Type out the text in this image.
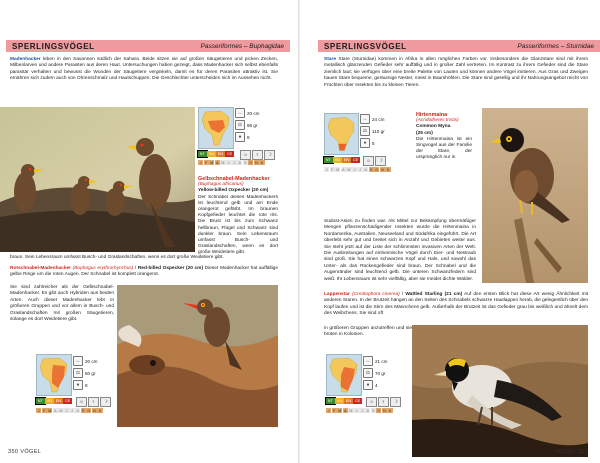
SPERLINGSVÖGEL	Passeriformes – Buphagidae
Madenhacker leben in den Savannen südlich der Sahara. Beide sitzen sie auf großen Säugetieren und picken Zecken, Milbenlarven und andere Parasiten aus deren Haut. Untersuchungen haben gezeigt, dass Madenhacker sich selbst ebenfalls parasitär verhalten und bewusst die Wunden der Säugetiere verginkeln, damit es für deren Parasiten attraktiv ist. Sie ernähren sich zudem auch von Ohrenschmalz und Hautschuppen. Die Geschlechter unterscheiden sich im Aussehen nicht.
↔ 20 cm
⚖	65 gr
●	8
NT	VU	EN	CE	☼	♀	☽
J F M A M J	J A S O N D
Gelbschnabel-Madenhacker
(Buphagus africanus)
Yellow-billed Oxpecker (20 cm)
Der Schnabel dieses Madenhackers ist leuchtend gelb und am Ende orangerot gefärbt. Im braunen Kopfgefieder leuchtet die rote Iris. Die Brust ist bis zum Schwanz hellbraun, Flügel und Schwanz sind dunkler braun. Sein Lebensraum umfasst Busch- und Graslandschaften, wenn es dort große Weidetiere gibt.
braun. Sein Lebensraum umfasst Busch- und Graslandschaften, wenn es dort große Weidetiere gibt.
Rotschnabel-Madenhacker (Buphagus erythrorhynchus) / Red-billed Oxpecker (20 cm) Dieser Madenhacker hat auffällige gelbe Ringe um die roten Augen. Der Schnabel ist komplett orangerot.
Sie sind zahlreicher als der Gelbschnabel-Madenhacker. Es gibt auch Hybriden aus beiden Arten. Auch dieser Madenhacker lebt in größeren Gruppen und vor allem in Busch- und Graslandschaften mit großen Säugetieren, solange es dort Weidetiere gibt.
↔ 20 cm
⚖	60 gr
●	8
NT	VU	EN	CE	☼	♀	☽
J F M A M J	J A S O N D
350 VÖGEL
SPERLINGSVÖGEL	Passeriformes – Sturnidae
Stare Stare (Sturnidae) kommen in Afrika in allen möglichen Farben vor. Insbesondere die Glanzstare sind mit ihrem metallisch glänzenden Gefieder sehr auffällig und in großer Zahl vertreten. Im Kontrast zu ihrem Gefieder sind die Stare ziemlich laut; sie verfügen über eine breite Palette von Lauten und können andere Vögel imitieren. Aus Gras und Zweigen bauen Stare bequeme, geräumige Nester, meist in Baumhöhlen. Die Stare sind gesellig und ihr Nahrungsangebot reicht von Früchten über Insekten bis zu kleinen Tieren.
↔ 24 cm
⚖	110 gr
●	5
NT	VU	EN	CE	☼	☽
J F M A M J	J A S O N D
Hirtenmaina
(Acridotheres tristis)
Common Myna
(25 cm)
Die Hirtenmaina ist ein Singvogel aus der Familie der Stare, der ursprünglich nur in
Südost-Asien zu finden war. Als Mittel zur Bekämpfung übermäßiger Mengen pflanzenschädigender Insekten wurde die Hirtenmaina in Nordamerika, Australien, Neuseeland und Südafrika eingeführt. Die Art überlebt sehr gut und breitet sich in Anzahl und Gebieten weiter aus. Sie steht jetzt auf der Liste der schlimmsten invasiven Arten der Welt. Die Ausbreitungen auf einheimische Vögel durch Eier- und Nestraub sind groß. Sie hat einen schwarzen Kopf und Hals, und sowohl das Unter- als das Rückengefieder sind braun. Der Schnabel und die Augenränder sind leuchtend gelb. Die unteren Schwanzfedern sind weiß. Ihr Lebensraum ist sehr vielfältig, aber sie meidet dichte Wälder.
Lappenstar (Creatophora cinerea) / Wattled Starling (21 cm) Auf den ersten Blick hat diese Art wenig Ähnlichkeit mit anderen Staren. In der Brutzeit hängen an den Seiten des Schnabels schwarze Hautlappen herab, die gelegentlich über den Kopf laufen und ist die Stirn des Männchens gelb. Außerhalb der Brutzeit ist das Gefieder grau bis weißlich und ähnelt dem des Weibchens. Sie sind oft
in größeren Gruppen anzutreffen und sie brüten in Kolonien.
↔ 21 cm
⚖	70 gr
●	4
NT	VU	EN	CE	☼	♀	☽
J F M A M J	J A S O N D
VÖGEL 351
